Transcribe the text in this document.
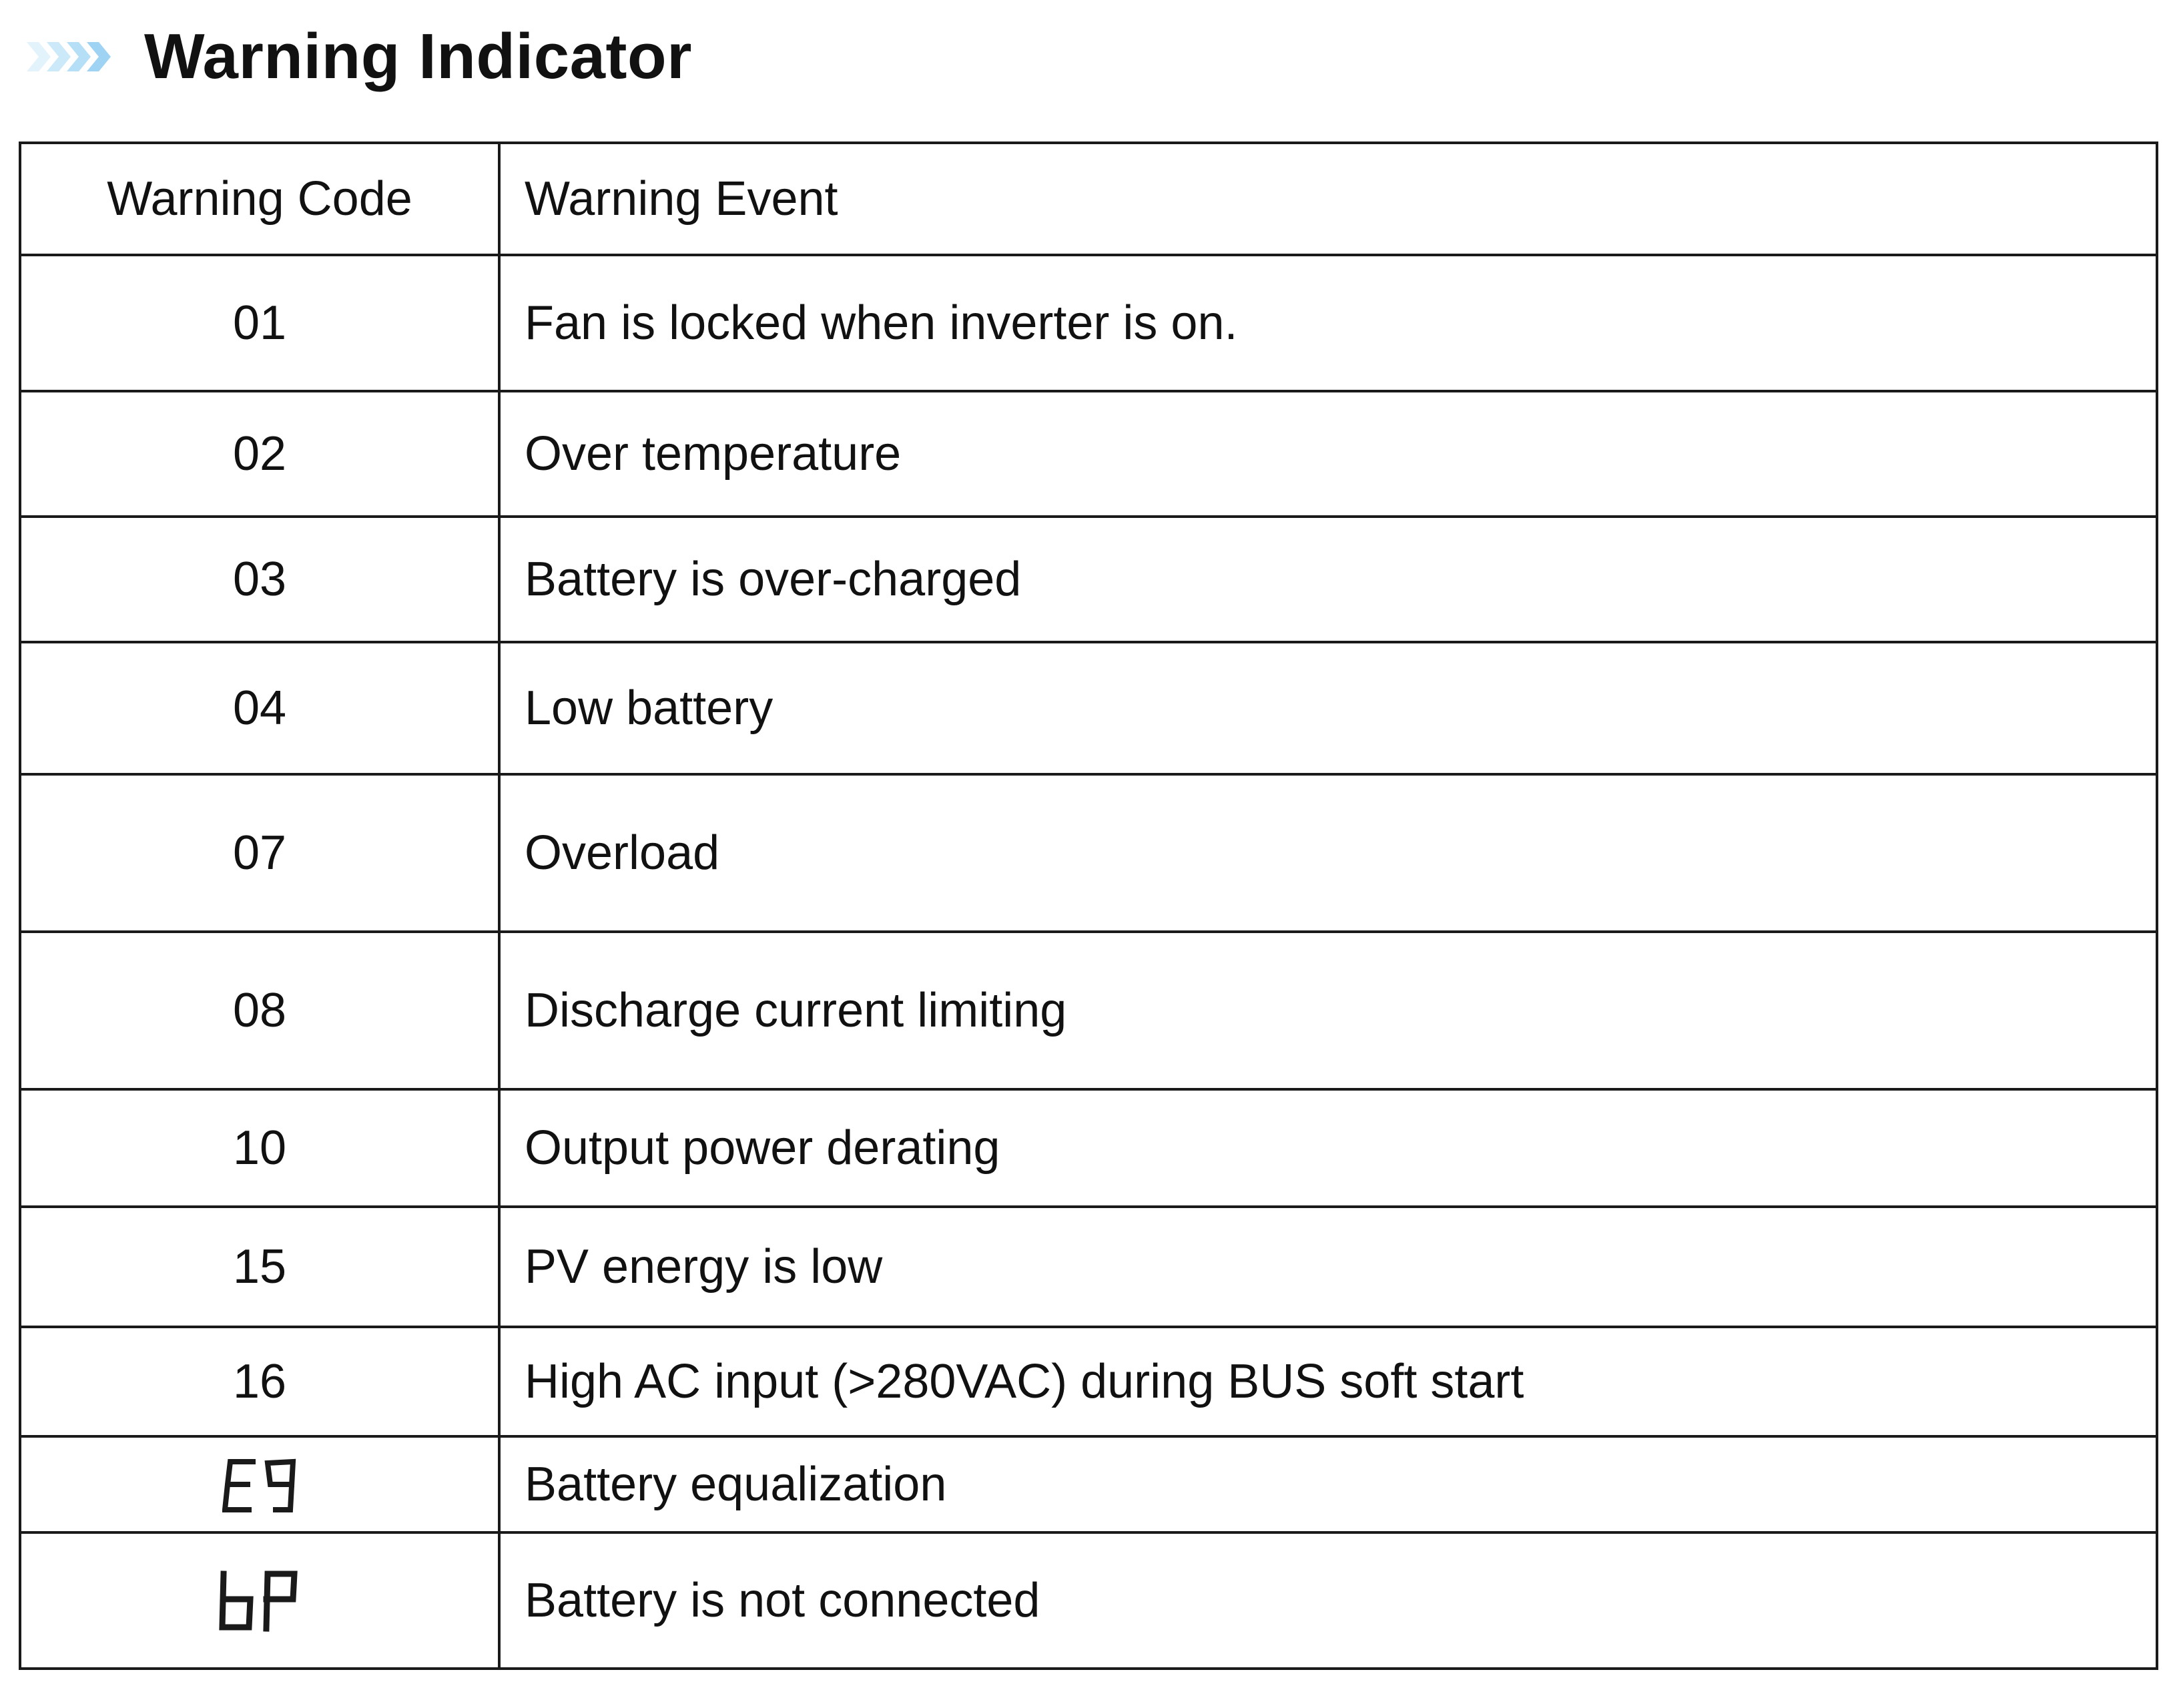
Warning Indicator
Warning Code	Warning Event
01	Fan is locked when inverter is on.
02	Over temperature
03	Battery is over-charged
04	Low battery
07	Overload
08	Discharge current limiting
10	Output power derating
15	PV energy is low
16	High AC input (>280VAC) during BUS soft start
	Battery equalization
	Battery is not connected
